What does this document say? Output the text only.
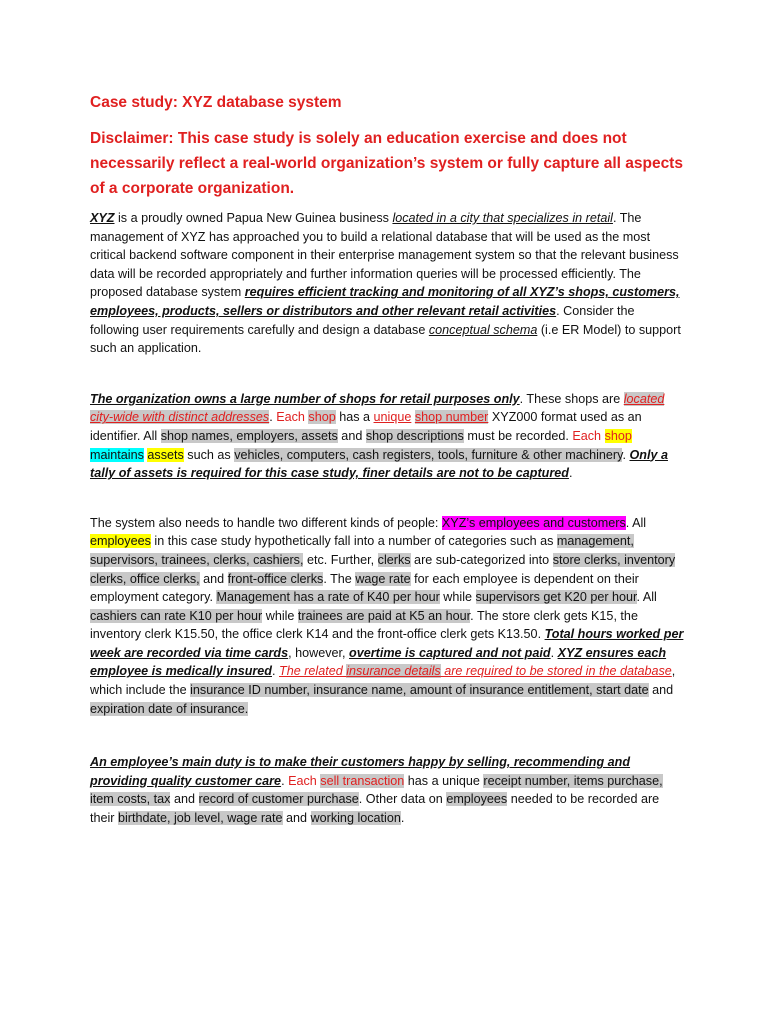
Case study: XYZ database system
Disclaimer: This case study is solely an education exercise and does not necessarily reflect a real-world organization’s system or fully capture all aspects of a corporate organization.

XYZ is a proudly owned Papua New Guinea business located in a city that specializes in retail. The management of XYZ has approached you to build a relational database that will be used as the most critical backend software component in their enterprise management system so that the relevant business data will be recorded appropriately and further information queries will be processed efficiently. The proposed database system requires efficient tracking and monitoring of all XYZ’s shops, customers, employees, products, sellers or distributors and other relevant retail activities. Consider the following user requirements carefully and design a database conceptual schema (i.e ER Model) to support such an application.

The organization owns a large number of shops for retail purposes only. These shops are located city-wide with distinct addresses. Each shop has a unique shop number XYZ000 format used as an identifier. All shop names, employers, assets and shop descriptions must be recorded. Each shop maintains assets such as vehicles, computers, cash registers, tools, furniture & other machinery. Only a tally of assets is required for this case study, finer details are not to be captured.

The system also needs to handle two different kinds of people: XYZ’s employees and customers. All employees in this case study hypothetically fall into a number of categories such as management, supervisors, trainees, clerks, cashiers, etc. Further, clerks are sub-categorized into store clerks, inventory clerks, office clerks, and front-office clerks. The wage rate for each employee is dependent on their employment category. Management has a rate of K40 per hour while supervisors get K20 per hour. All cashiers can rate K10 per hour while trainees are paid at K5 an hour. The store clerk gets K15, the inventory clerk K15.50, the office clerk K14 and the front-office clerk gets K13.50. Total hours worked per week are recorded via time cards, however, overtime is captured and not paid. XYZ ensures each employee is medically insured. The related insurance details are required to be stored in the database, which include the insurance ID number, insurance name, amount of insurance entitlement, start date and expiration date of insurance.

An employee’s main duty is to make their customers happy by selling, recommending and providing quality customer care. Each sell transaction has a unique receipt number, items purchase, item costs, tax and record of customer purchase. Other data on employees needed to be recorded are their birthdate, job level, wage rate and working location.
